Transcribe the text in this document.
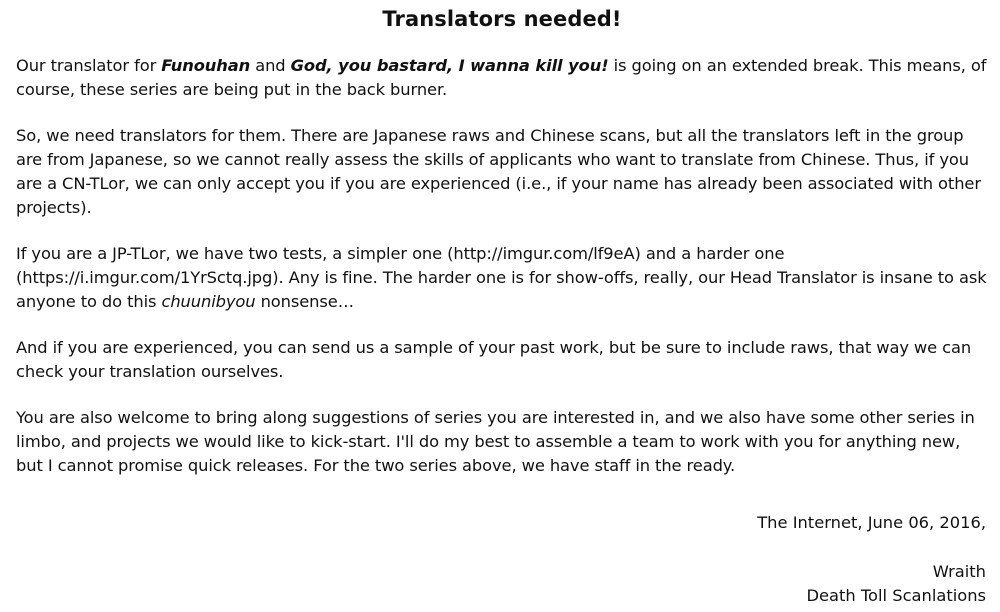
Translators needed!

Our translator for Funouhan and God, you bastard, I wanna kill you! is going on an extended break. This means, of course, these series are being put in the back burner.

So, we need translators for them. There are Japanese raws and Chinese scans, but all the translators left in the group are from Japanese, so we cannot really assess the skills of applicants who want to translate from Chinese. Thus, if you are a CN-TLor, we can only accept you if you are experienced (i.e., if your name has already been associated with other projects).

If you are a JP-TLor, we have two tests, a simpler one (http://imgur.com/lf9eA) and a harder one (https://i.imgur.com/1YrSctq.jpg). Any is fine. The harder one is for show-offs, really, our Head Translator is insane to ask anyone to do this chuunibyou nonsense…

And if you are experienced, you can send us a sample of your past work, but be sure to include raws, that way we can check your translation ourselves.

You are also welcome to bring along suggestions of series you are interested in, and we also have some other series in limbo, and projects we would like to kick-start. I'll do my best to assemble a team to work with you for anything new, but I cannot promise quick releases. For the two series above, we have staff in the ready.

The Internet, June 06, 2016,
Wraith
Death Toll Scanlations
